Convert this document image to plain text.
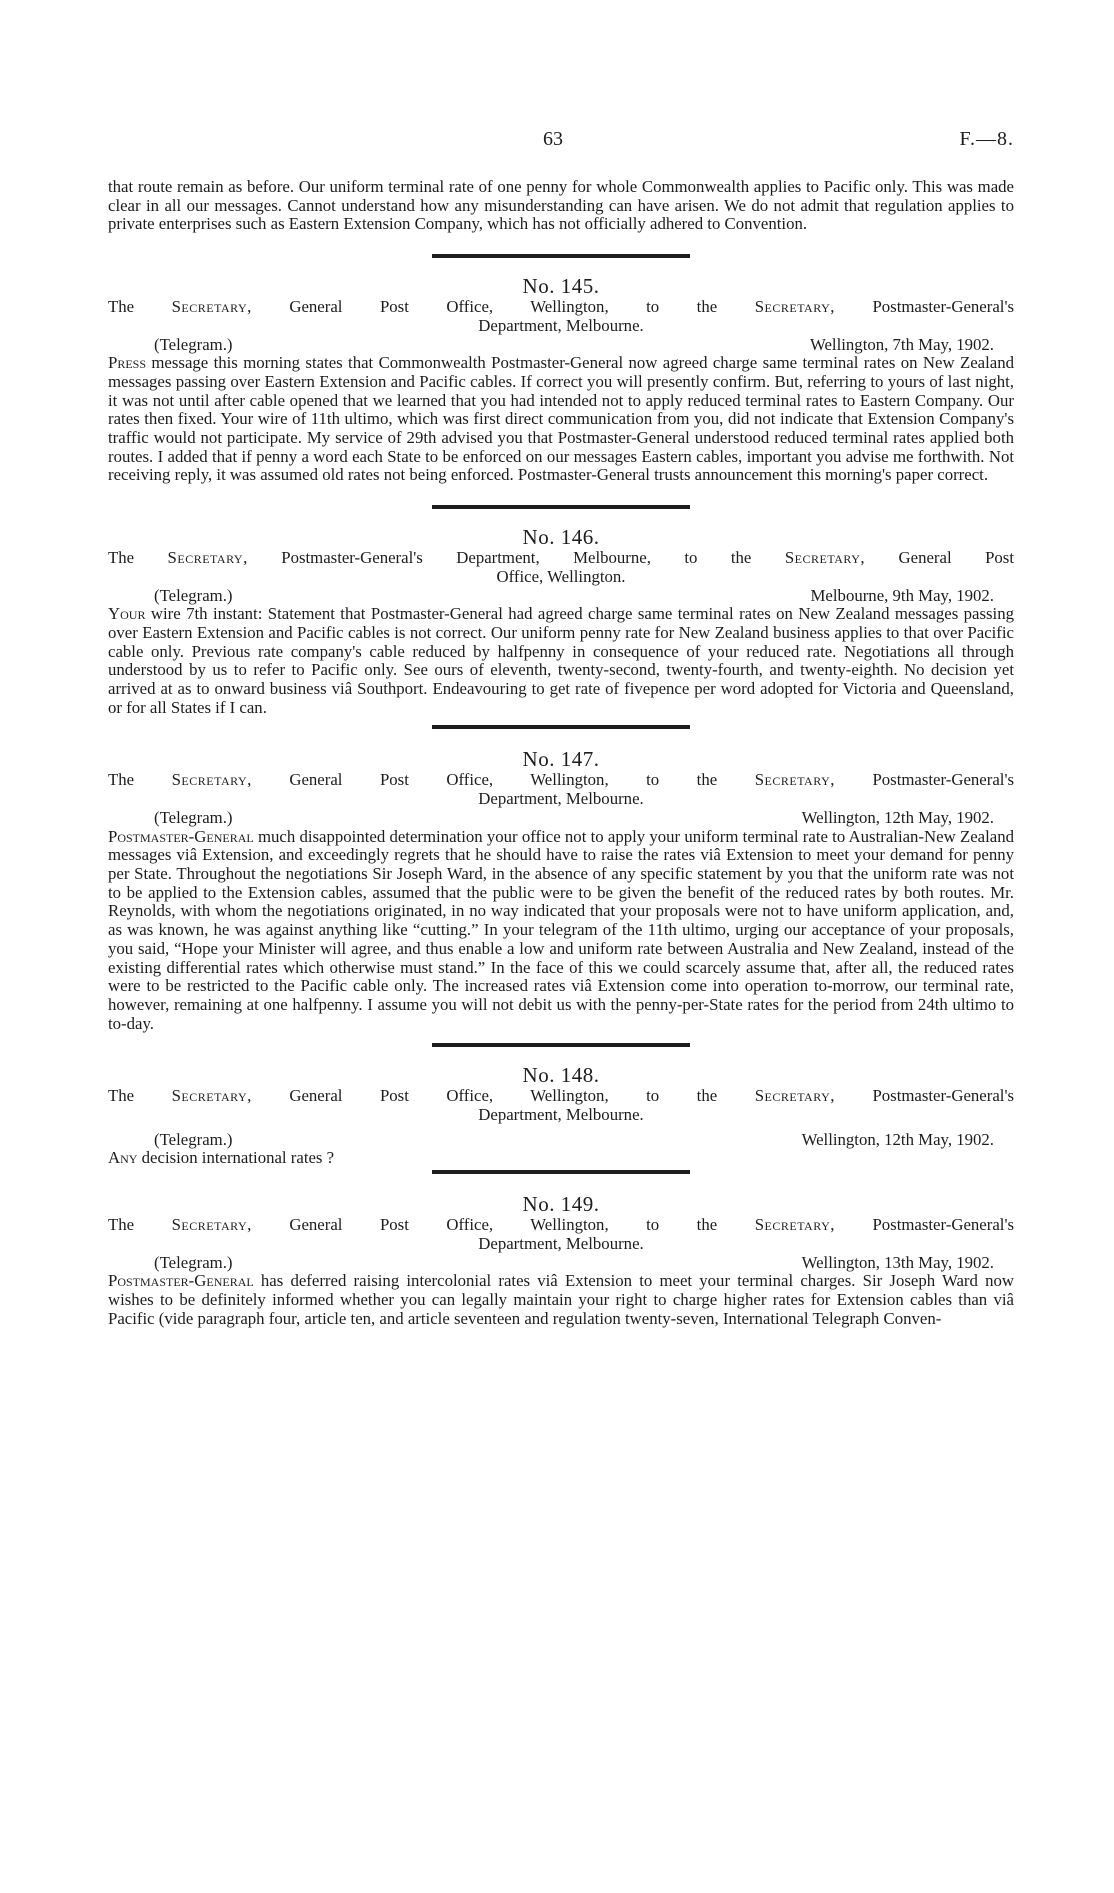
63	F.—8.

that route remain as before. Our uniform terminal rate of one penny for whole Commonwealth applies to Pacific only. This was made clear in all our messages. Cannot understand how any misunderstanding can have arisen. We do not admit that regulation applies to private enterprises such as Eastern Extension Company, which has not officially adhered to Convention.

No. 145.
The Secretary, General Post Office, Wellington, to the Secretary, Postmaster-General's
Department, Melbourne.
(Telegram.)	Wellington, 7th May, 1902.

Press message this morning states that Commonwealth Postmaster-General now agreed charge same terminal rates on New Zealand messages passing over Eastern Extension and Pacific cables. If correct you will presently confirm. But, referring to yours of last night, it was not until after cable opened that we learned that you had intended not to apply reduced terminal rates to Eastern Company. Our rates then fixed. Your wire of 11th ultimo, which was first direct communication from you, did not indicate that Extension Company's traffic would not participate. My service of 29th advised you that Postmaster-General understood reduced terminal rates applied both routes. I added that if penny a word each State to be enforced on our messages Eastern cables, important you advise me forthwith. Not receiving reply, it was assumed old rates not being enforced. Postmaster-General trusts announcement this morning's paper correct.

No. 146.
The Secretary, Postmaster-General's Department, Melbourne, to the Secretary, General Post
Office, Wellington.
(Telegram.)	Melbourne, 9th May, 1902.

Your wire 7th instant: Statement that Postmaster-General had agreed charge same terminal rates on New Zealand messages passing over Eastern Extension and Pacific cables is not correct. Our uniform penny rate for New Zealand business applies to that over Pacific cable only. Previous rate company's cable reduced by halfpenny in consequence of your reduced rate. Negotiations all through understood by us to refer to Pacific only. See ours of eleventh, twenty-second, twenty-fourth, and twenty-eighth. No decision yet arrived at as to onward business viâ Southport. Endeavouring to get rate of fivepence per word adopted for Victoria and Queensland, or for all States if I can.

No. 147.
The Secretary, General Post Office, Wellington, to the Secretary, Postmaster-General's
Department, Melbourne.
(Telegram.)	Wellington, 12th May, 1902.

Postmaster-General much disappointed determination your office not to apply your uniform terminal rate to Australian-New Zealand messages viâ Extension, and exceedingly regrets that he should have to raise the rates viâ Extension to meet your demand for penny per State. Throughout the negotiations Sir Joseph Ward, in the absence of any specific statement by you that the uniform rate was not to be applied to the Extension cables, assumed that the public were to be given the benefit of the reduced rates by both routes. Mr. Reynolds, with whom the negotiations originated, in no way indicated that your proposals were not to have uniform application, and, as was known, he was against anything like “cutting.” In your telegram of the 11th ultimo, urging our acceptance of your proposals, you said, “Hope your Minister will agree, and thus enable a low and uniform rate between Australia and New Zealand, instead of the existing differential rates which otherwise must stand.” In the face of this we could scarcely assume that, after all, the reduced rates were to be restricted to the Pacific cable only. The increased rates viâ Extension come into operation to-morrow, our terminal rate, however, remaining at one halfpenny. I assume you will not debit us with the penny-per-State rates for the period from 24th ultimo to to-day.

No. 148.
The Secretary, General Post Office, Wellington, to the Secretary, Postmaster-General's
Department, Melbourne.
(Telegram.)	Wellington, 12th May, 1902.

Any decision international rates ?

No. 149.
The Secretary, General Post Office, Wellington, to the Secretary, Postmaster-General's
Department, Melbourne.
(Telegram.)	Wellington, 13th May, 1902.

Postmaster-General has deferred raising intercolonial rates viâ Extension to meet your terminal charges. Sir Joseph Ward now wishes to be definitely informed whether you can legally maintain your right to charge higher rates for Extension cables than viâ Pacific (vide paragraph four, article ten, and article seventeen and regulation twenty-seven, International Telegraph Conven-
